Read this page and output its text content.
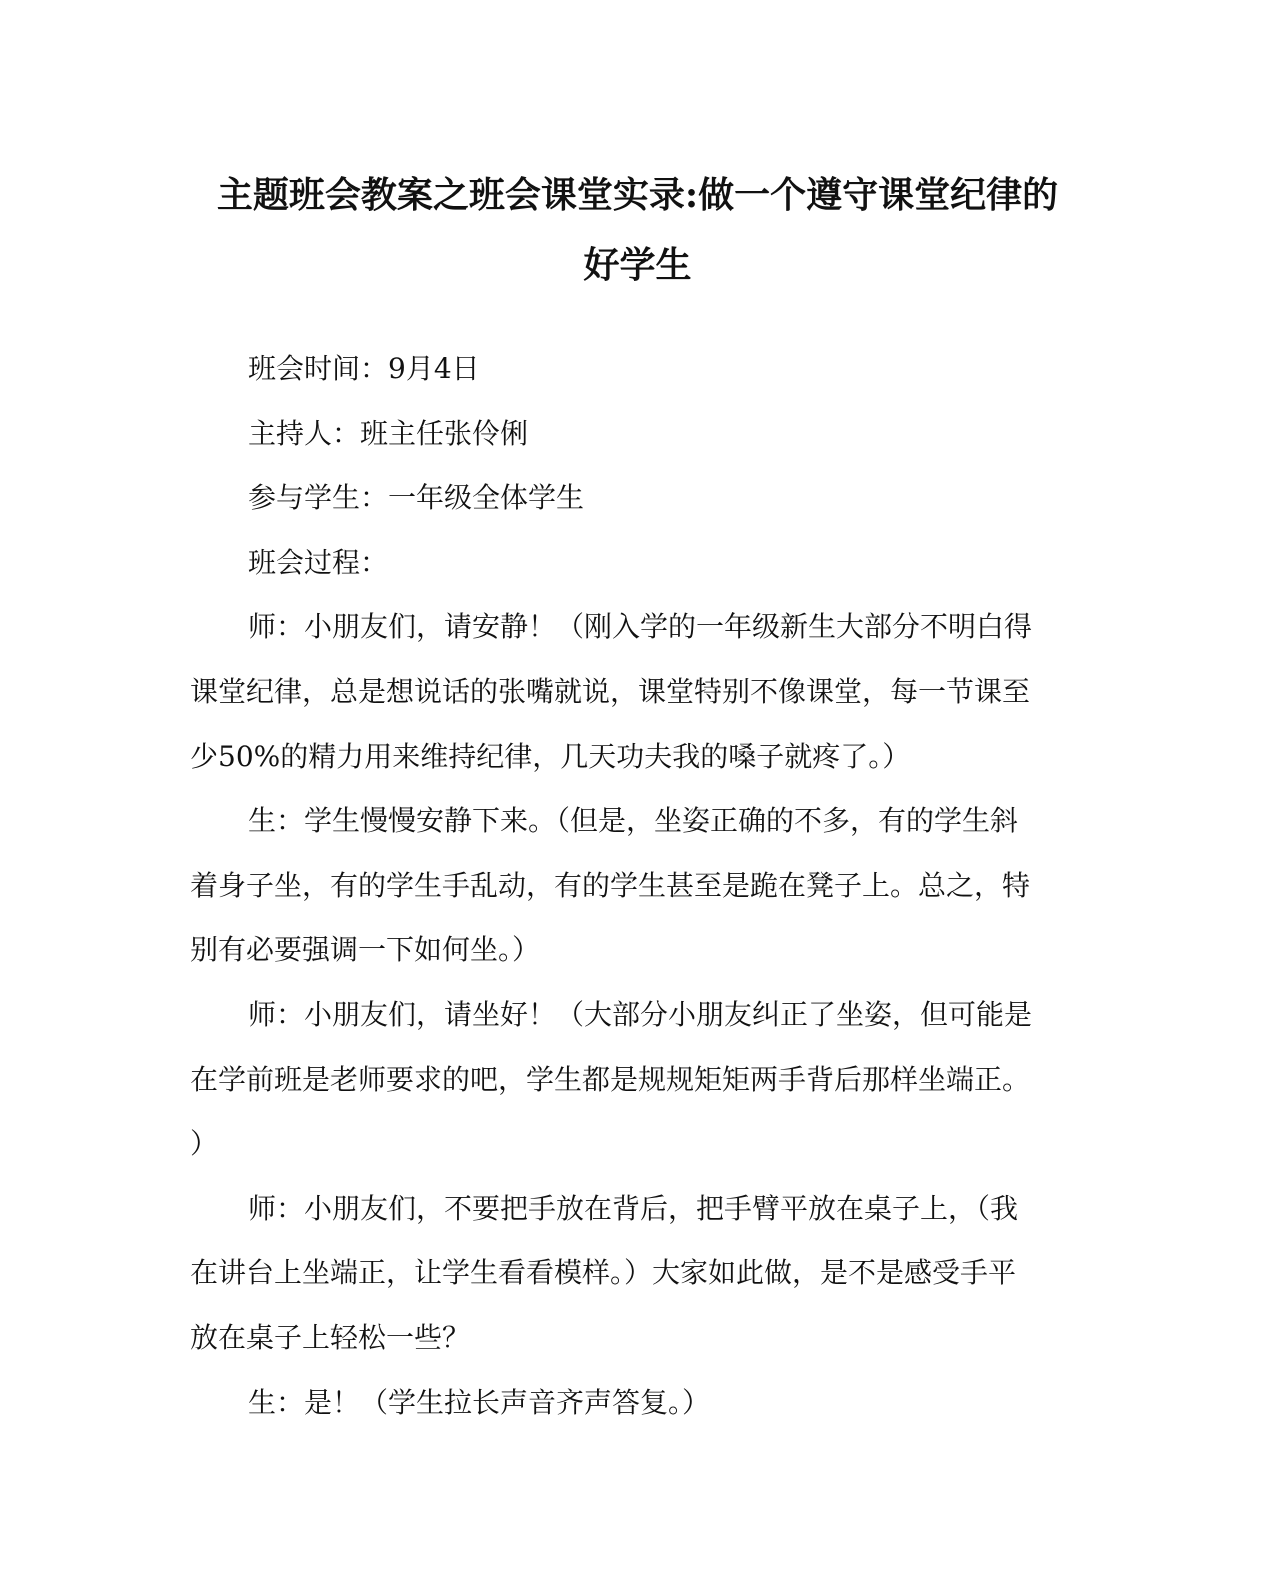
主题班会教案之班会课堂实录:做一个遵守课堂纪律的
好学生

班会时间：9月4日

主持人：班主任张伶俐

参与学生：一年级全体学生

班会过程：

师：小朋友们，请安静！（刚入学的一年级新生大部分不明白得
课堂纪律，总是想说话的张嘴就说，课堂特别不像课堂，每一节课至
少50%的精力用来维持纪律，几天功夫我的嗓子就疼了。）

生：学生慢慢安静下来。（但是，坐姿正确的不多，有的学生斜
着身子坐，有的学生手乱动，有的学生甚至是跪在凳子上。总之，特
别有必要强调一下如何坐。）

师：小朋友们，请坐好！（大部分小朋友纠正了坐姿，但可能是
在学前班是老师要求的吧，学生都是规规矩矩两手背后那样坐端正。
）

师：小朋友们，不要把手放在背后，把手臂平放在桌子上，（我
在讲台上坐端正，让学生看看模样。）大家如此做，是不是感受手平
放在桌子上轻松一些？

生：是！（学生拉长声音齐声答复。）
